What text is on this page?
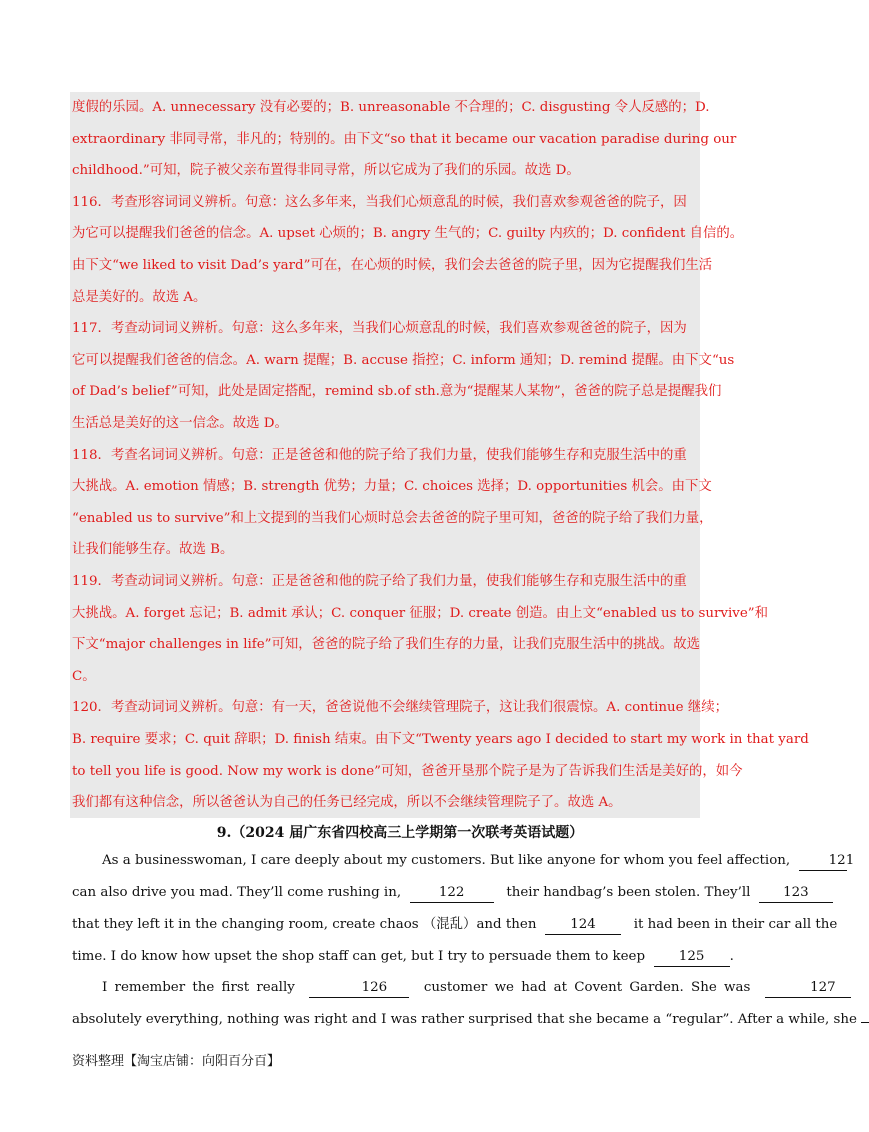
度假的乐园。A. unnecessary 没有必要的；B. unreasonable 不合理的；C. disgusting 令人反感的；D.
extraordinary 非同寻常，非凡的；特别的。由下文“so that it became our vacation paradise during our
childhood.”可知，院子被父亲布置得非同寻常，所以它成为了我们的乐园。故选 D。
116．考查形容词词义辨析。句意：这么多年来，当我们心烦意乱的时候，我们喜欢参观爸爸的院子，因
为它可以提醒我们爸爸的信念。A. upset 心烦的；B. angry 生气的；C. guilty 内疚的；D. confident 自信的。
由下文“we liked to visit Dad’s yard”可在，在心烦的时候，我们会去爸爸的院子里，因为它提醒我们生活
总是美好的。故选 A。
117．考查动词词义辨析。句意：这么多年来，当我们心烦意乱的时候，我们喜欢参观爸爸的院子，因为
它可以提醒我们爸爸的信念。A. warn 提醒；B. accuse 指控；C. inform 通知；D. remind 提醒。由下文“us
of Dad’s belief”可知，此处是固定搭配，remind sb.of sth.意为“提醒某人某物”，爸爸的院子总是提醒我们
生活总是美好的这一信念。故选 D。
118．考查名词词义辨析。句意：正是爸爸和他的院子给了我们力量，使我们能够生存和克服生活中的重
大挑战。A. emotion 情感；B. strength 优势；力量；C. choices 选择；D. opportunities 机会。由下文
“enabled us to survive”和上文提到的当我们心烦时总会去爸爸的院子里可知，爸爸的院子给了我们力量，
让我们能够生存。故选 B。
119．考查动词词义辨析。句意：正是爸爸和他的院子给了我们力量，使我们能够生存和克服生活中的重
大挑战。A. forget 忘记；B. admit 承认；C. conquer 征服；D. create 创造。由上文“enabled us to survive”和
下文“major challenges in life”可知，爸爸的院子给了我们生存的力量，让我们克服生活中的挑战。故选
C。
120．考查动词词义辨析。句意：有一天，爸爸说他不会继续管理院子，这让我们很震惊。A. continue 继续；
B. require 要求；C. quit 辞职；D. finish 结束。由下文“Twenty years ago I decided to start my work in that yard
to tell you life is good. Now my work is done”可知，爸爸开垦那个院子是为了告诉我们生活是美好的，如今
我们都有这种信念，所以爸爸认为自己的任务已经完成，所以不会继续管理院子了。故选 A。
9.（2024 届广东省四校高三上学期第一次联考英语试题）
As a businesswoman, I care deeply about my customers. But like anyone for whom you feel affection,	121
can also drive you mad. They’ll come rushing in,	122	their handbag’s been stolen. They’ll 123
that they left it in the changing room, create chaos （混乱）and then	124	it had been in their car all the
time. I do know how upset the shop staff can get, but I try to persuade them to keep	125 .
I remember the first really	126	customer we had at Covent Garden. She was	127
absolutely everything, nothing was right and I was rather surprised that she became a “regular”. After a while, she
资料整理【淘宝店铺：向阳百分百】
